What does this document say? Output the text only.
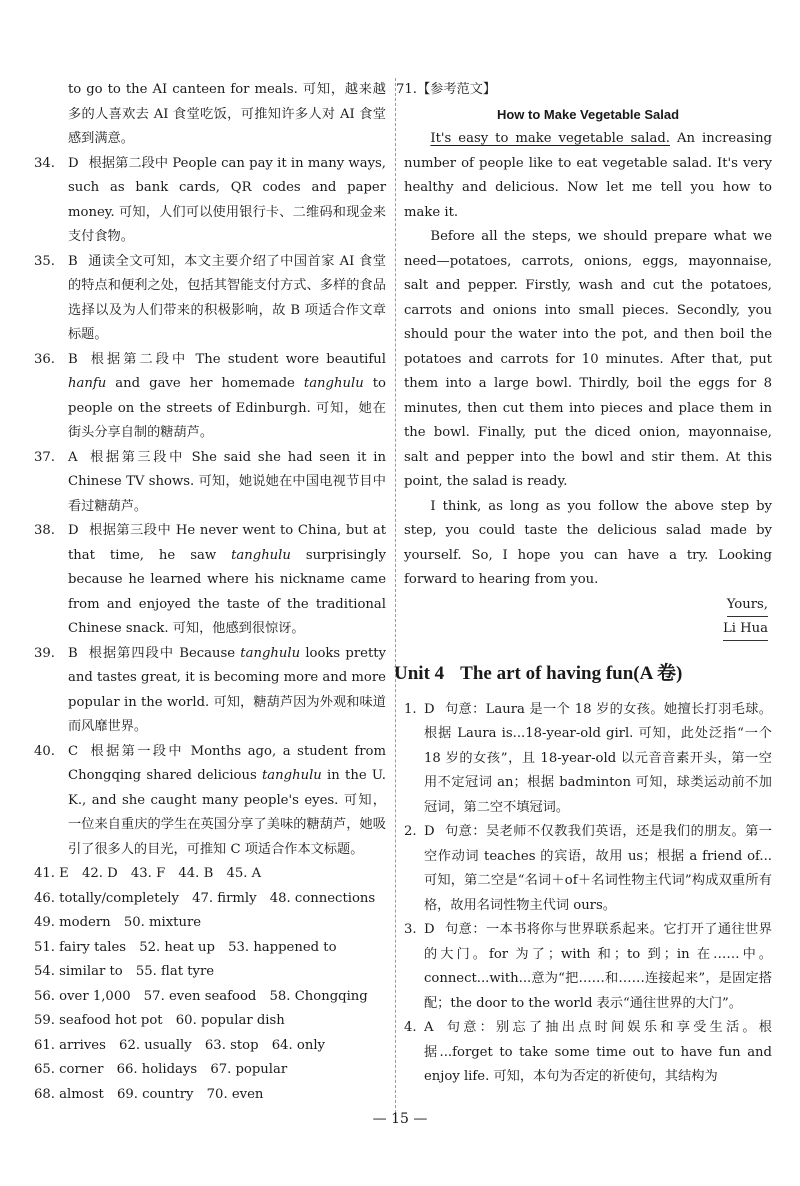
to go to the AI canteen for meals. 可知，越来越多的人喜欢去 AI 食堂吃饭，可推知许多人对 AI 食堂感到满意。

34. D 根据第二段中 People can pay it in many ways, such as bank cards, QR codes and paper money. 可知，人们可以使用银行卡、二维码和现金来支付食物。

35. B 通读全文可知，本文主要介绍了中国首家 AI 食堂的特点和便利之处，包括其智能支付方式、多样的食品选择以及为人们带来的积极影响，故 B 项适合作文章标题。

36. B 根据第二段中 The student wore beautiful hanfu and gave her homemade tanghulu to people on the streets of Edinburgh. 可知，她在街头分享自制的糖葫芦。

37. A 根据第三段中 She said she had seen it in Chinese TV shows. 可知，她说她在中国电视节目中看过糖葫芦。

38. D 根据第三段中 He never went to China, but at that time, he saw tanghulu surprisingly because he learned where his nickname came from and enjoyed the taste of the traditional Chinese snack. 可知，他感到很惊讶。

39. B 根据第四段中 Because tanghulu looks pretty and tastes great, it is becoming more and more popular in the world. 可知，糖葫芦因为外观和味道而风靡世界。

40. C 根据第一段中 Months ago, a student from Chongqing shared delicious tanghulu in the U. K., and she caught many people's eyes. 可知，一位来自重庆的学生在英国分享了美味的糖葫芦，她吸引了很多人的目光，可推知 C 项适合作本文标题。

41. E　42. D　43. F　44. B　45. A

46. totally/completely　47. firmly　48. connections

49. modern　50. mixture

51. fairy tales　52. heat up　53. happened to

54. similar to　55. flat tyre

56. over 1,000　57. even seafood　58. Chongqing

59. seafood hot pot　60. popular dish

61. arrives　62. usually　63. stop　64. only

65. corner　66. holidays　67. popular

68. almost　69. country　70. even

71.【参考范文】

How to Make Vegetable Salad

It's easy to make vegetable salad. An increasing number of people like to eat vegetable salad. It's very healthy and delicious. Now let me tell you how to make it.

Before all the steps, we should prepare what we need—potatoes, carrots, onions, eggs, mayonnaise, salt and pepper. Firstly, wash and cut the potatoes, carrots and onions into small pieces. Secondly, you should pour the water into the pot, and then boil the potatoes and carrots for 10 minutes. After that, put them into a large bowl. Thirdly, boil the eggs for 8 minutes, then cut them into pieces and place them in the bowl. Finally, put the diced onion, mayonnaise, salt and pepper into the bowl and stir them. At this point, the salad is ready.

I think, as long as you follow the above step by step, you could taste the delicious salad made by yourself. So, I hope you can have a try. Looking forward to hearing from you.

Yours,
Li Hua
Unit 4 The art of having fun(A 卷)

1. D 句意：Laura 是一个 18 岁的女孩。她擅长打羽毛球。根据 Laura is...18-year-old girl. 可知，此处泛指“一个 18 岁的女孩”，且 18-year-old 以元音音素开头，第一空用不定冠词 an；根据 badminton 可知，球类运动前不加冠词，第二空不填冠词。

2. D 句意：吴老师不仅教我们英语，还是我们的朋友。第一空作动词 teaches 的宾语，故用 us；根据 a friend of...可知，第二空是“名词＋of＋名词性物主代词”构成双重所有格，故用名词性物主代词 ours。

3. D 句意：一本书将你与世界联系起来。它打开了通往世界的大门。for 为了；with 和；to 到；in 在……中。connect...with...意为“把……和……连接起来”，是固定搭配；the door to the world 表示“通往世界的大门”。

4. A 句意：别忘了抽出点时间娱乐和享受生活。根据...forget to take some time out to have fun and enjoy life. 可知，本句为否定的祈使句，其结构为

— 15 —
